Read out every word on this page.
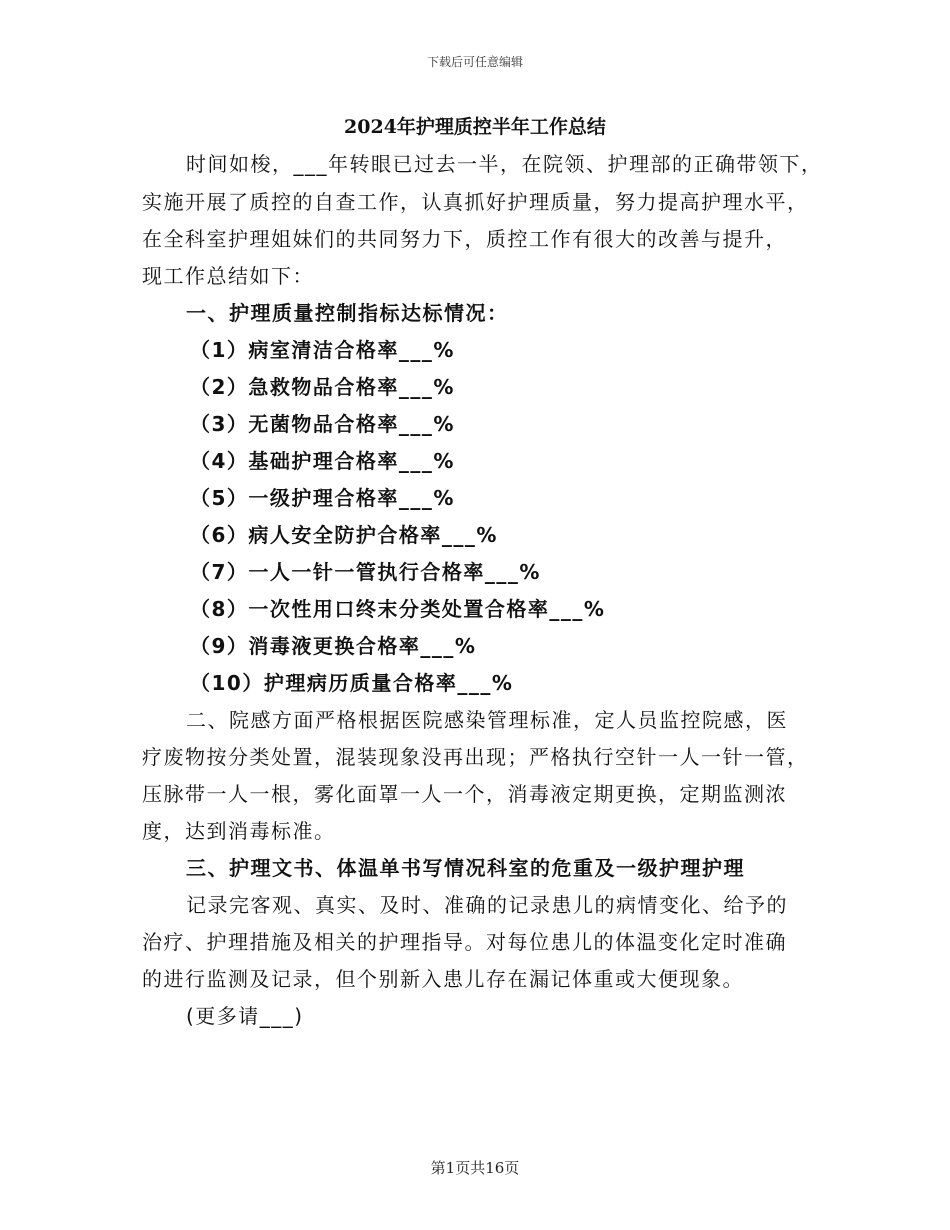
下载后可任意编辑
2024年护理质控半年工作总结
时间如梭，___年转眼已过去一半，在院领、护理部的正确带领下，
实施开展了质控的自查工作，认真抓好护理质量，努力提高护理水平，
在全科室护理姐妹们的共同努力下，质控工作有很大的改善与提升，
现工作总结如下：
一、护理质量控制指标达标情况：
（1）病室清洁合格率___%
（2）急救物品合格率___%
（3）无菌物品合格率___%
（4）基础护理合格率___%
（5）一级护理合格率___%
（6）病人安全防护合格率___%
（7）一人一针一管执行合格率___%
（8）一次性用口终末分类处置合格率___%
（9）消毒液更换合格率___%
（10）护理病历质量合格率___%
二、院感方面严格根据医院感染管理标准，定人员监控院感，医
疗废物按分类处置，混装现象没再出现；严格执行空针一人一针一管，
压脉带一人一根，雾化面罩一人一个，消毒液定期更换，定期监测浓
度，达到消毒标准。
三、护理文书、体温单书写情况科室的危重及一级护理护理
记录完客观、真实、及时、准确的记录患儿的病情变化、给予的
治疗、护理措施及相关的护理指导。对每位患儿的体温变化定时准确
的进行监测及记录，但个别新入患儿存在漏记体重或大便现象。
(更多请___)
第1页共16页
